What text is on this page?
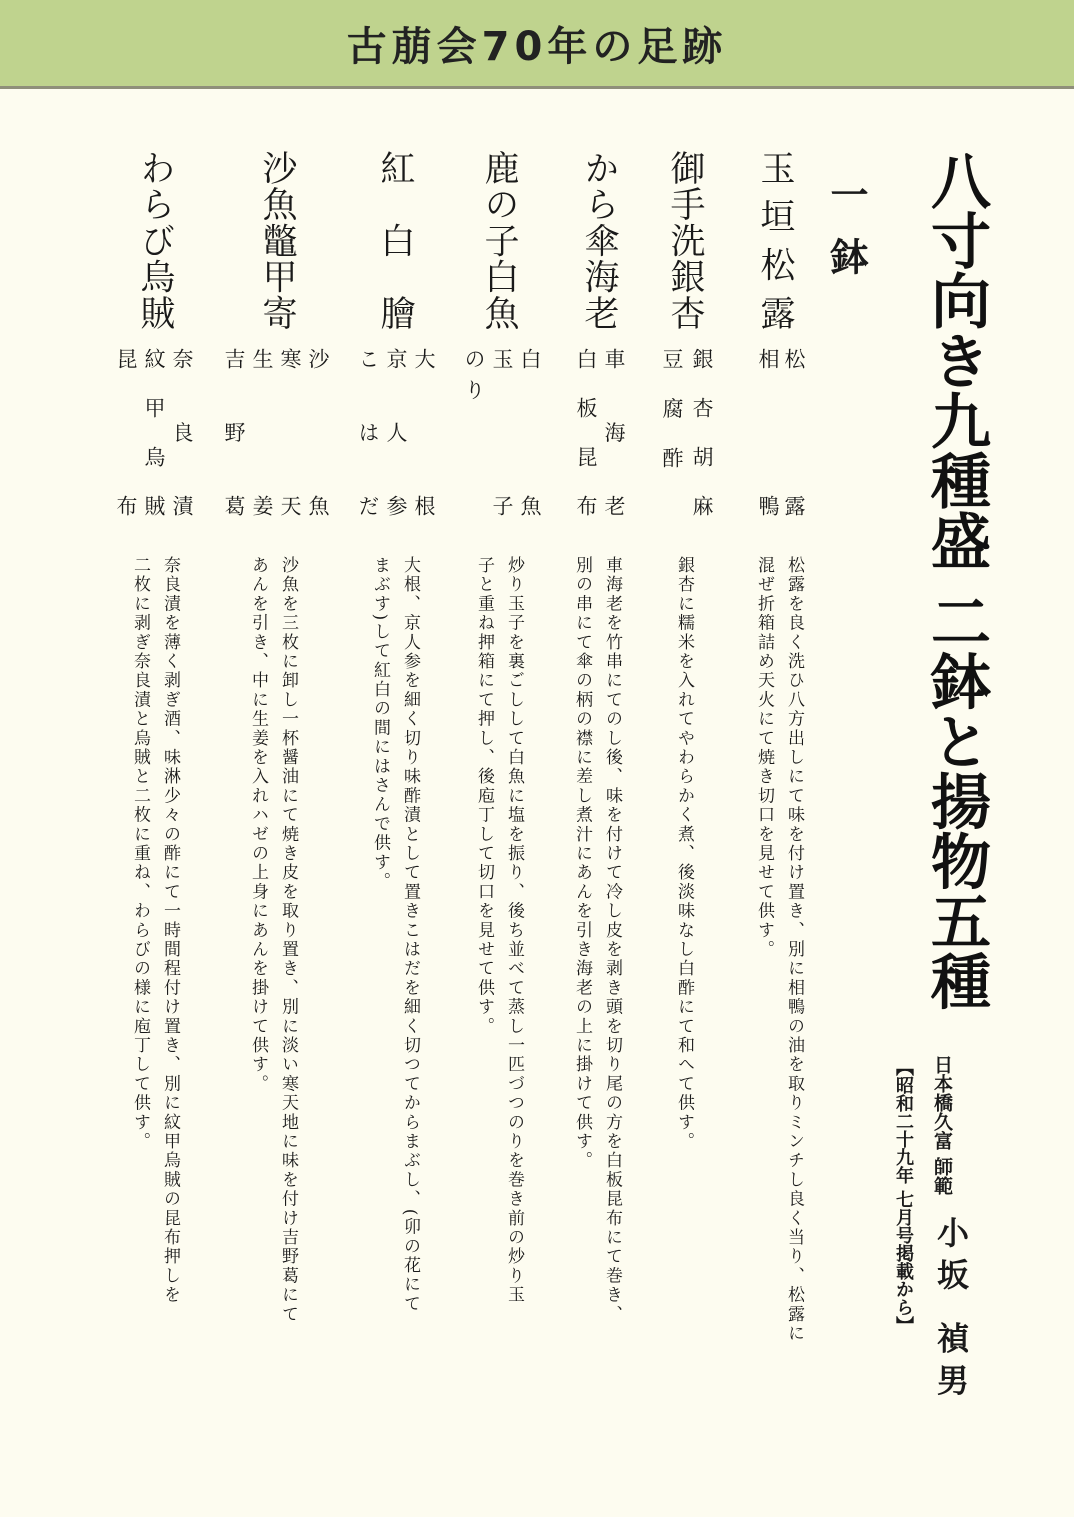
古萠会70年の足跡
八寸向き九種盛 二鉢と揚物五種
日本橋久富 師範
小坂 禎男
【昭和二十九年 七月号掲載から】
一鉢
玉垣松露
松露
相鴨
松露を良く洗ひ八方出しにて味を付け置き、別に相鴨の油を取りミンチし良く当り、松露に
混ぜ折箱詰め天火にて焼き切口を見せて供す。
御手洗銀杏
銀杏胡麻
豆腐酢
銀杏に糯米を入れてやわらかく煮、後淡味なし白酢にて和へて供す。
から傘海老
車海老
白板昆布
車海老を竹串にてのし後、味を付けて冷し皮を剥き頭を切り尾の方を白板昆布にて巻き、
別の串にて傘の柄の襟に差し煮汁にあんを引き海老の上に掛けて供す。
鹿の子白魚
白魚
玉子
のり
炒り玉子を裏ごしして白魚に塩を振り、後ち並べて蒸し一匹づつのりを巻き前の炒り玉
子と重ね押箱にて押し、後庖丁して切口を見せて供す。
紅白膾
大根
京人参
こはだ
大根、京人参を細く切り味酢漬として置きこはだを細く切つてからまぶし、(卯の花にて
まぶす)して紅白の間にはさんで供す。
沙魚鼈甲寄
沙魚
寒天
生姜
吉野葛
沙魚を三枚に卸し一杯醤油にて焼き皮を取り置き、別に淡い寒天地に味を付け吉野葛にて
あんを引き、中に生姜を入れハゼの上身にあんを掛けて供す。
わらび烏賊
奈良漬
紋甲烏賊
昆布
奈良漬を薄く剥ぎ酒、味淋少々の酢にて一時間程付け置き、別に紋甲烏賊の昆布押しを
二枚に剥ぎ奈良漬と烏賊と二枚に重ね、わらびの様に庖丁して供す。
